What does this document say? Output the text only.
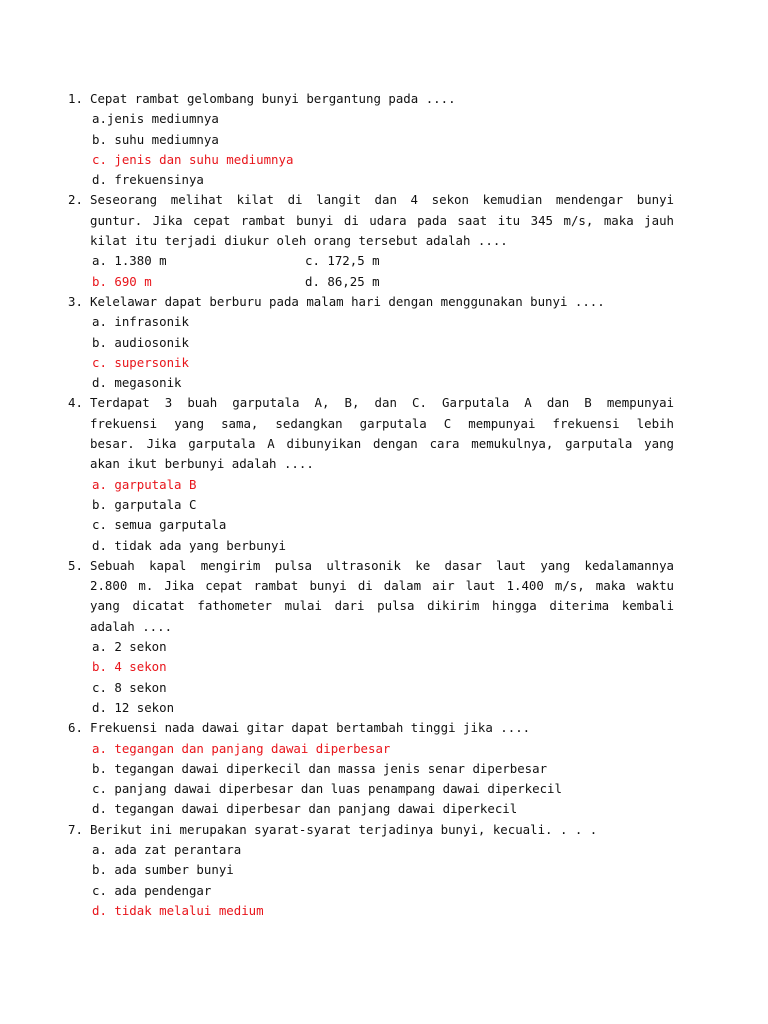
1. Cepat rambat gelombang bunyi bergantung pada ....
a.jenis mediumnya
b. suhu mediumnya
c. jenis dan suhu mediumnya
d. frekuensinya
2. Seseorang melihat kilat di langit dan 4 sekon kemudian mendengar bunyi
guntur. Jika cepat rambat bunyi di udara pada saat itu 345 m/s, maka jauh
kilat itu terjadi diukur oleh orang tersebut adalah ....
a. 1.380 m	c. 172,5 m
b. 690 m	d. 86,25 m
3. Kelelawar dapat berburu pada malam hari dengan menggunakan bunyi ....
a. infrasonik
b. audiosonik
c. supersonik
d. megasonik
4. Terdapat 3 buah garputala A, B, dan C. Garputala A dan B mempunyai
frekuensi yang sama, sedangkan garputala C mempunyai frekuensi lebih
besar. Jika garputala A dibunyikan dengan cara memukulnya, garputala yang
akan ikut berbunyi adalah ....
a. garputala B
b. garputala C
c. semua garputala
d. tidak ada yang berbunyi
5. Sebuah kapal mengirim pulsa ultrasonik ke dasar laut yang kedalamannya
2.800 m. Jika cepat rambat bunyi di dalam air laut 1.400 m/s, maka waktu
yang dicatat fathometer mulai dari pulsa dikirim hingga diterima kembali
adalah ....
a. 2 sekon
b. 4 sekon
c. 8 sekon
d. 12 sekon
6. Frekuensi nada dawai gitar dapat bertambah tinggi jika ....
a. tegangan dan panjang dawai diperbesar
b. tegangan dawai diperkecil dan massa jenis senar diperbesar
c. panjang dawai diperbesar dan luas penampang dawai diperkecil
d. tegangan dawai diperbesar dan panjang dawai diperkecil
7. Berikut ini merupakan syarat-syarat terjadinya bunyi, kecuali. . . .
a. ada zat perantara
b. ada sumber bunyi
c. ada pendengar
d. tidak melalui medium
